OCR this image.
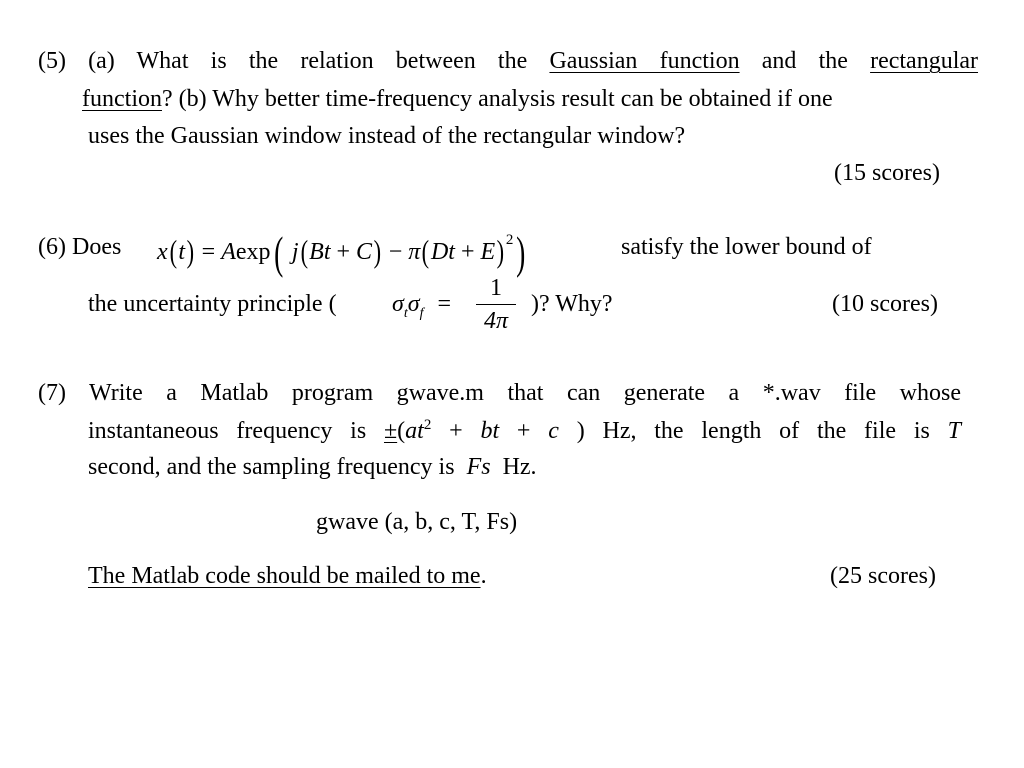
(5) (a) What is the relation between the Gaussian function and the rectangular
function? (b) Why better time-frequency analysis result can be obtained if one
uses the Gaussian window instead of the rectangular window?
(15 scores)
(6) Does x(t) = Aexp( j(Bt + C) − π(Dt + E) $^2$)	satisfy the lower bound of
the uncertainty principle ( $\sigma_t\sigma_f$ =
1
4π
)? Why?	(10 scores)
(7) Write a Matlab program gwave.m that can generate a *.wav file whose
instantaneous frequency is $\pm(at^2$ + bt + c ) Hz, the length of the file is T
second, and the sampling frequency is Fs Hz.
gwave (a, b, c, T, Fs)
The Matlab code should be mailed to me.	(25 scores)
